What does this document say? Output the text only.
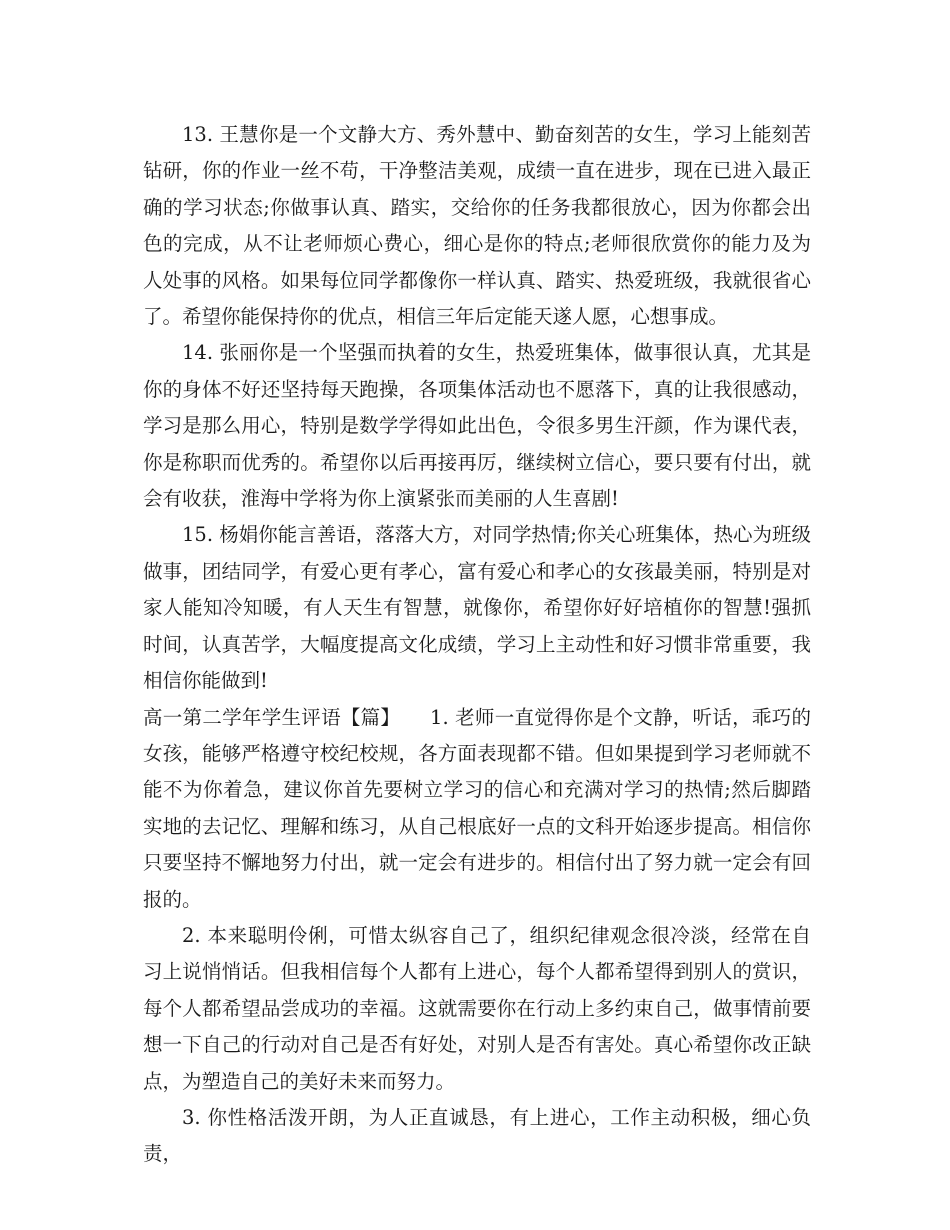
13. 王慧你是一个文静大方、秀外慧中、勤奋刻苦的女生，学习上能刻苦钻研，你的作业一丝不苟，干净整洁美观，成绩一直在进步，现在已进入最正确的学习状态;你做事认真、踏实，交给你的任务我都很放心，因为你都会出色的完成，从不让老师烦心费心，细心是你的特点;老师很欣赏你的能力及为人处事的风格。如果每位同学都像你一样认真、踏实、热爱班级，我就很省心了。希望你能保持你的优点，相信三年后定能天遂人愿，心想事成。

14. 张丽你是一个坚强而执着的女生，热爱班集体，做事很认真，尤其是你的身体不好还坚持每天跑操，各项集体活动也不愿落下，真的让我很感动，学习是那么用心，特别是数学学得如此出色，令很多男生汗颜，作为课代表，你是称职而优秀的。希望你以后再接再厉，继续树立信心，要只要有付出，就会有收获，淮海中学将为你上演紧张而美丽的人生喜剧!

15. 杨娟你能言善语，落落大方，对同学热情;你关心班集体，热心为班级做事，团结同学，有爱心更有孝心，富有爱心和孝心的女孩最美丽，特别是对家人能知冷知暖，有人天生有智慧，就像你，希望你好好培植你的智慧!强抓时间，认真苦学，大幅度提高文化成绩，学习上主动性和好习惯非常重要，我相信你能做到!

高一第二学年学生评语【篇】　　1. 老师一直觉得你是个文静，听话，乖巧的女孩，能够严格遵守校纪校规，各方面表现都不错。但如果提到学习老师就不能不为你着急，建议你首先要树立学习的信心和充满对学习的热情;然后脚踏实地的去记忆、理解和练习，从自己根底好一点的文科开始逐步提高。相信你只要坚持不懈地努力付出，就一定会有进步的。相信付出了努力就一定会有回报的。

2. 本来聪明伶俐，可惜太纵容自己了，组织纪律观念很冷淡，经常在自习上说悄悄话。但我相信每个人都有上进心，每个人都希望得到别人的赏识，每个人都希望品尝成功的幸福。这就需要你在行动上多约束自己，做事情前要想一下自己的行动对自己是否有好处，对别人是否有害处。真心希望你改正缺点，为塑造自己的美好未来而努力。

3. 你性格活泼开朗，为人正直诚恳，有上进心，工作主动积极，细心负责，
